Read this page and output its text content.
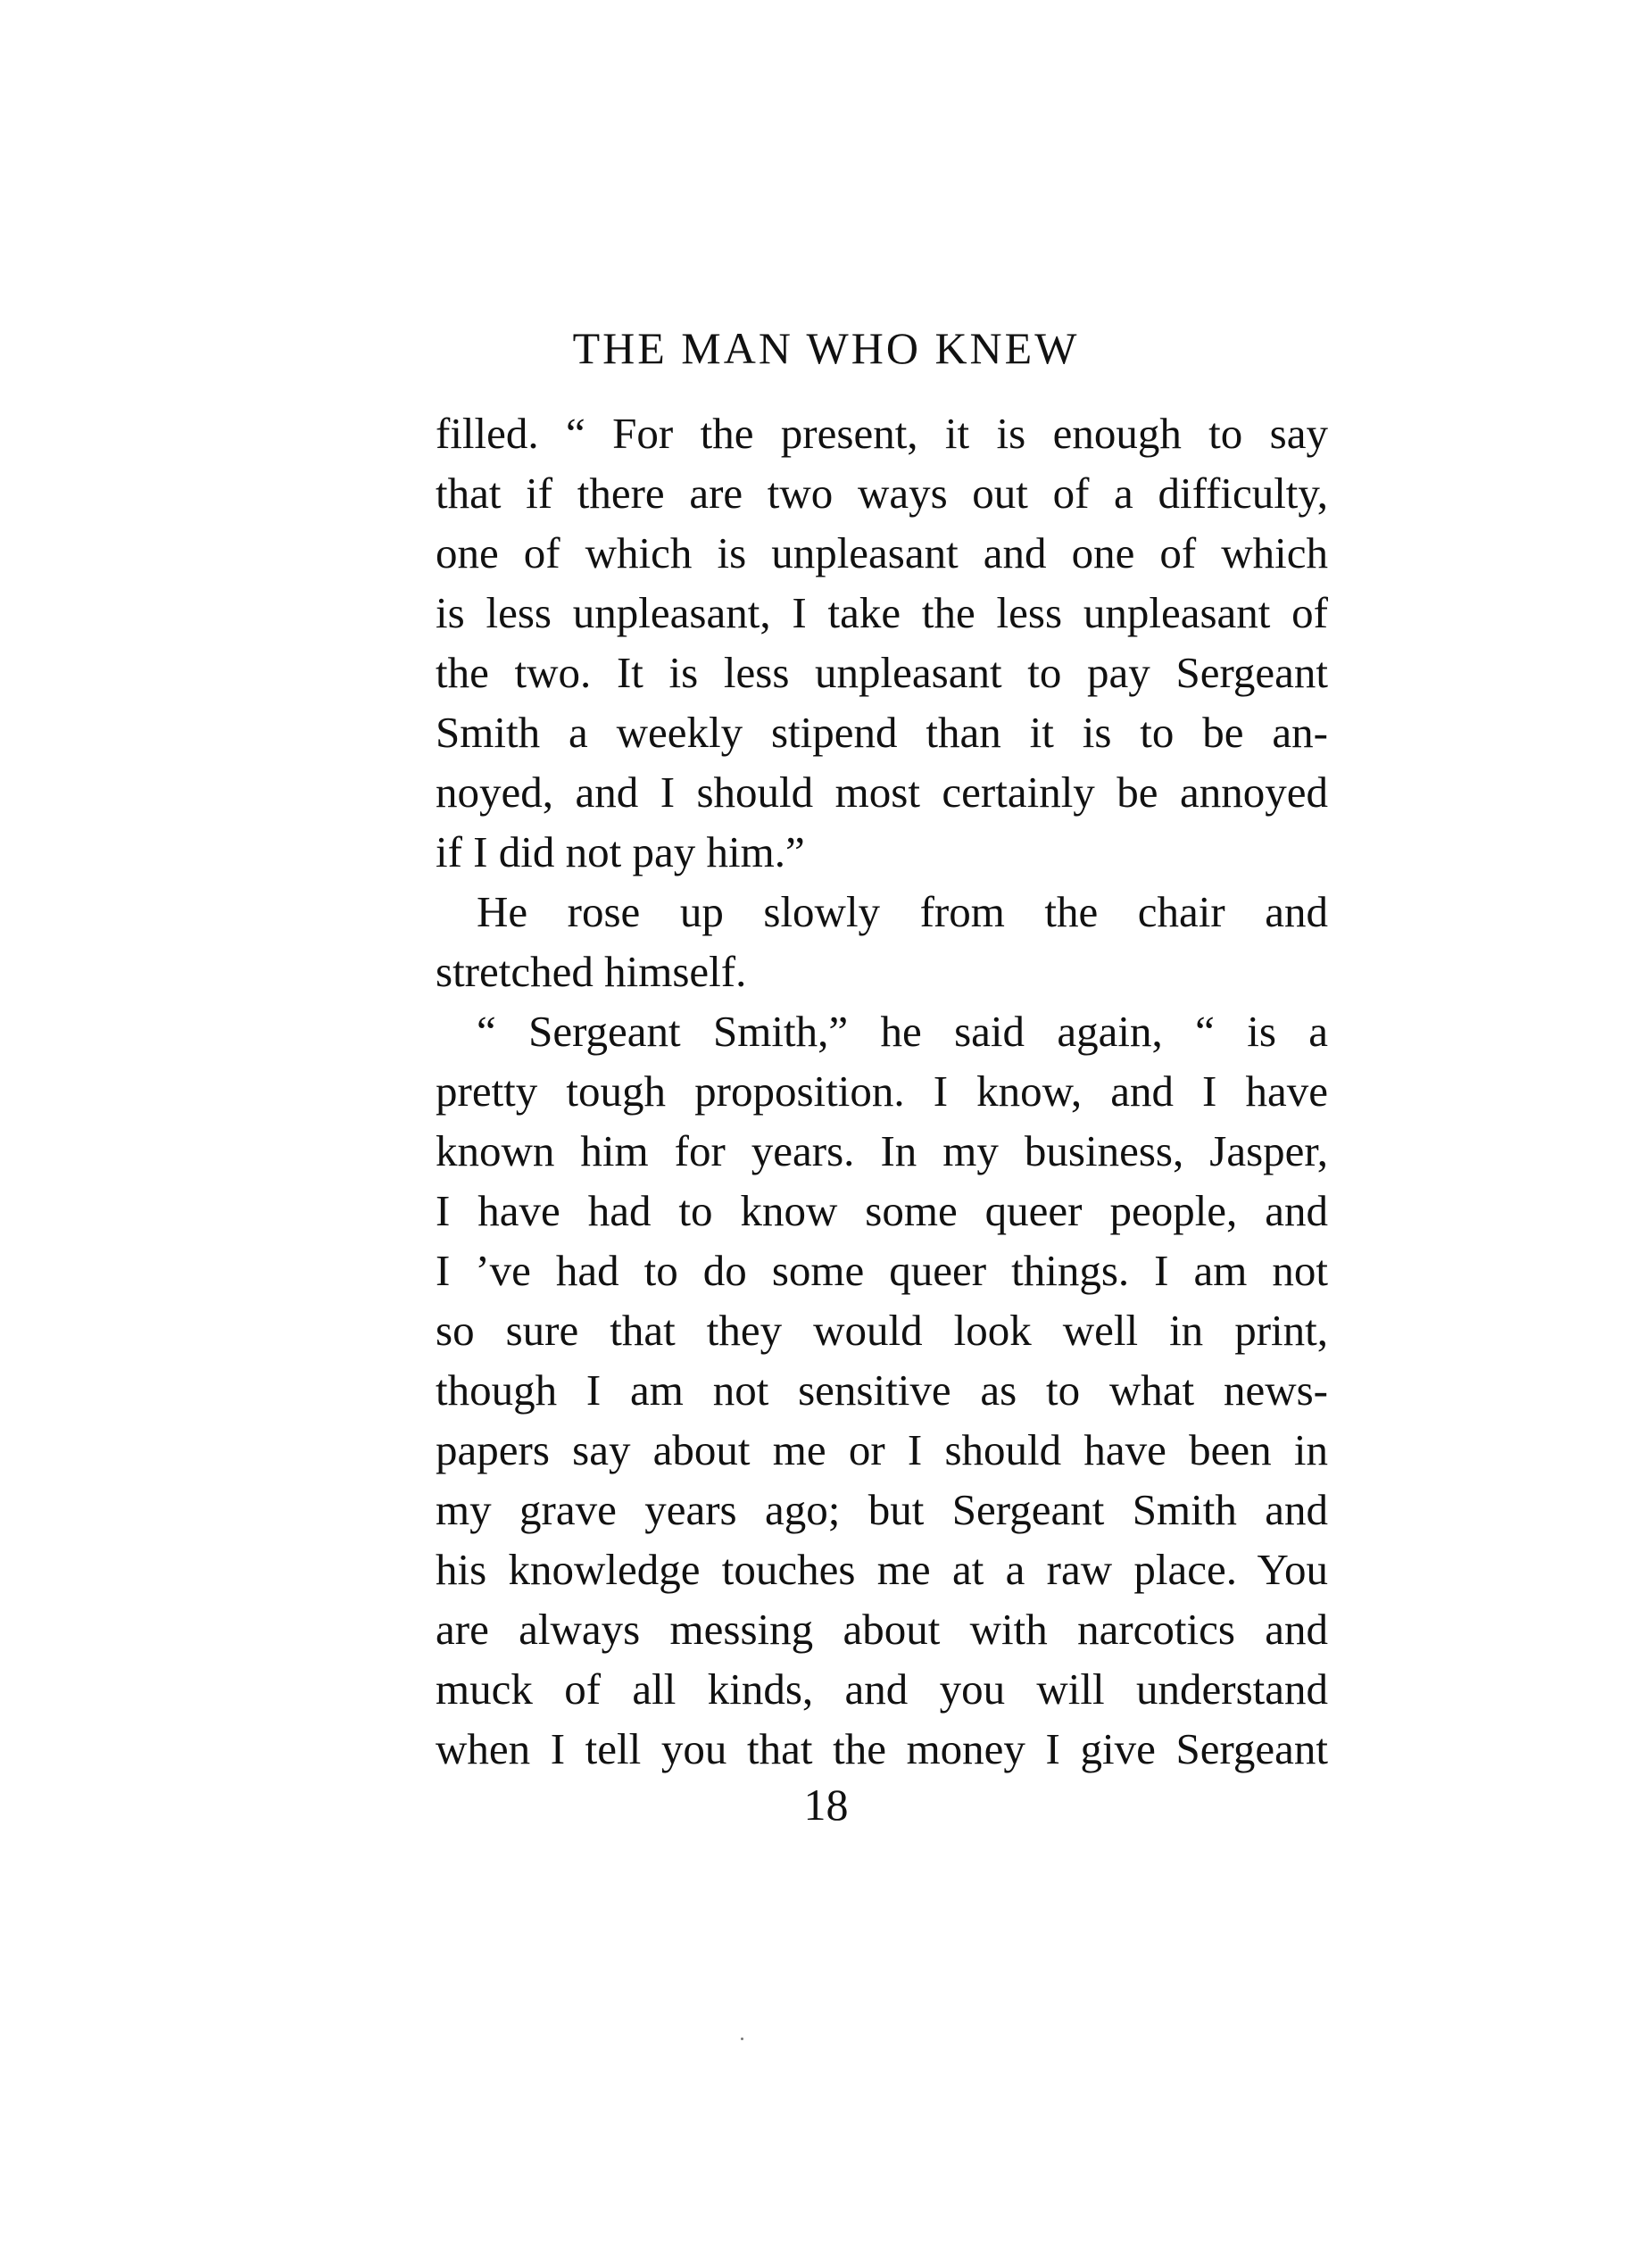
THE MAN WHO KNEW
filled. “ For the present, it is enough to say
that if there are two ways out of a difficulty,
one of which is unpleasant and one of which
is less unpleasant, I take the less unpleasant of
the two. It is less unpleasant to pay Sergeant
Smith a weekly stipend than it is to be an-
noyed, and I should most certainly be annoyed
if I did not pay him.”
He rose up slowly from the chair and
stretched himself.
“ Sergeant Smith,” he said again, “ is a
pretty tough proposition. I know, and I have
known him for years. In my business, Jasper,
I have had to know some queer people, and
I ’ve had to do some queer things. I am not
so sure that they would look well in print,
though I am not sensitive as to what news-
papers say about me or I should have been in
my grave years ago; but Sergeant Smith and
his knowledge touches me at a raw place. You
are always messing about with narcotics and
muck of all kinds, and you will understand
when I tell you that the money I give Sergeant
18
